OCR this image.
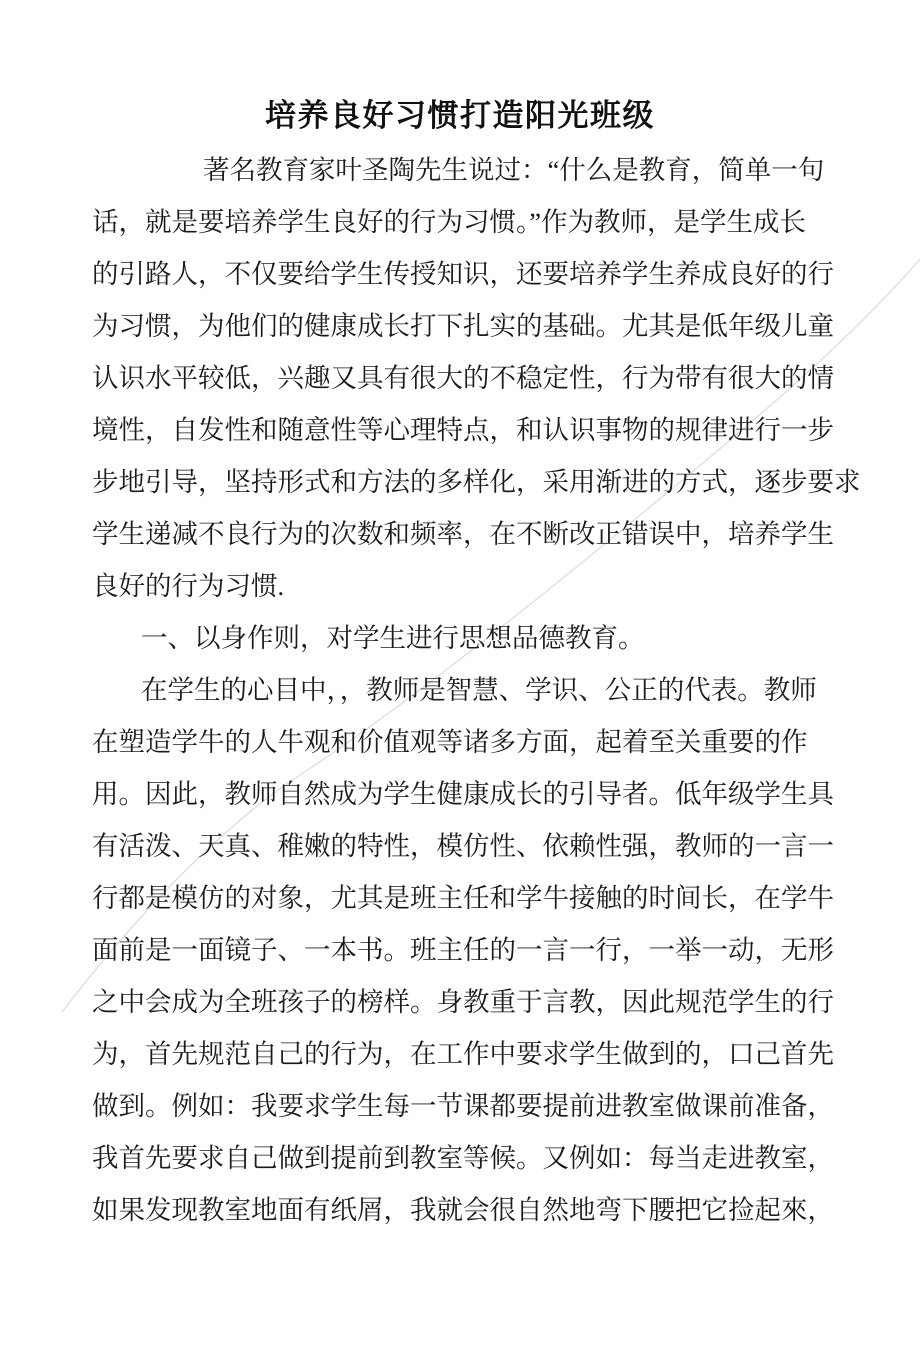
培养良好习惯打造阳光班级
著名教育家叶圣陶先生说过：“什么是教育，简单一句
话，就是要培养学生良好的行为习惯。”作为教师，是学生成长
的引路人，不仅要给学生传授知识，还要培养学生养成良好的行
为习惯，为他们的健康成长打下扎实的基础。尤其是低年级儿童
认识水平较低，兴趣又具有很大的不稳定性，行为带有很大的情
境性，自发性和随意性等心理特点，和认识事物的规律进行一步
步地引导，坚持形式和方法的多样化，采用渐进的方式，逐步要求
学生递减不良行为的次数和频率，在不断改正错误中，培养学生
良好的行为习惯.
一、以身作则，对学生进行思想品德教育。
在学生的心目中，，教师是智慧、学识、公正的代表。教师
在塑造学牛的人牛观和价值观等诸多方面，起着至关重要的作
用。因此，教师自然成为学生健康成长的引导者。低年级学生具
有活泼、天真、稚嫩的特性，模仿性、依赖性强，教师的一言一
行都是模仿的对象，尤其是班主任和学牛接触的时间长，在学牛
面前是一面镜子、一本书。班主任的一言一行，一举一动，无形
之中会成为全班孩子的榜样。身教重于言教，因此规范学生的行
为，首先规范自己的行为，在工作中要求学生做到的，口己首先
做到。例如：我要求学生每一节课都要提前进教室做课前准备，
我首先要求自己做到提前到教室等候。又例如：每当走进教室，
如果发现教室地面有纸屑，我就会很自然地弯下腰把它捡起來，
